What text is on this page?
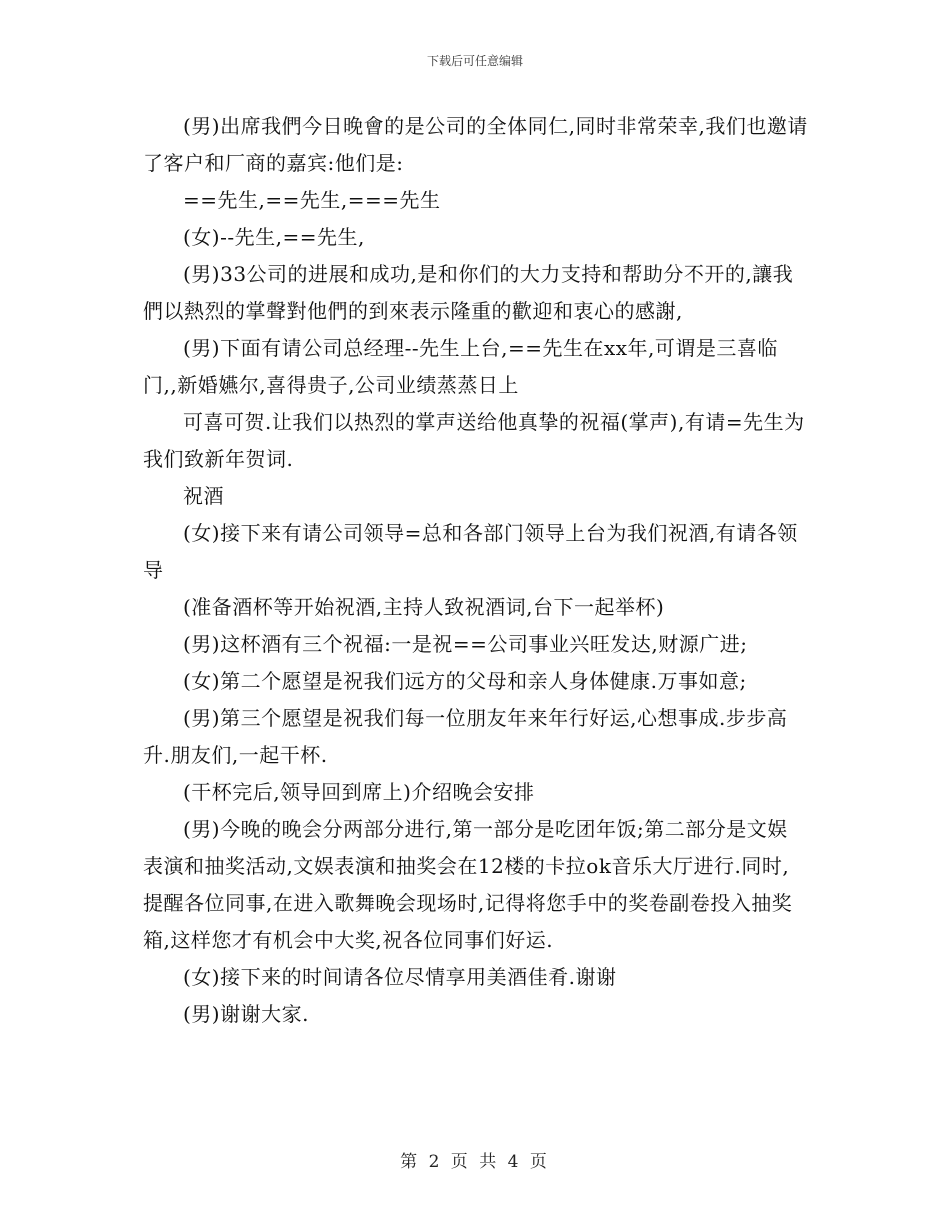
下载后可任意编辑

(男)出席我們今日晚會的是公司的全体同仁,同时非常荣幸,我们也邀请了客户和厂商的嘉宾:他们是:

==先生,==先生,===先生

(女)--先生,==先生,

(男)33公司的进展和成功,是和你们的大力支持和帮助分不开的,讓我們以熱烈的掌聲對他們的到來表示隆重的歡迎和衷心的感謝,

(男)下面有请公司总经理--先生上台,==先生在xx年,可谓是三喜临门,,新婚嬿尔,喜得贵子,公司业绩蒸蒸日上

可喜可贺.让我们以热烈的掌声送给他真挚的祝福(掌声),有请=先生为我们致新年贺词.

祝酒

(女)接下来有请公司领导=总和各部门领导上台为我们祝酒,有请各领导

(准备酒杯等开始祝酒,主持人致祝酒词,台下一起举杯)

(男)这杯酒有三个祝福:一是祝==公司事业兴旺发达,财源广进;

(女)第二个愿望是祝我们远方的父母和亲人身体健康.万事如意;

(男)第三个愿望是祝我们每一位朋友年来年行好运,心想事成.步步高升.朋友们,一起干杯.

(干杯完后,领导回到席上)介绍晚会安排

(男)今晚的晚会分两部分进行,第一部分是吃团年饭;第二部分是文娱表演和抽奖活动,文娱表演和抽奖会在12楼的卡拉ok音乐大厅进行.同时,提醒各位同事,在进入歌舞晚会现场时,记得将您手中的奖卷副卷投入抽奖箱,这样您才有机会中大奖,祝各位同事们好运.

(女)接下来的时间请各位尽情享用美酒佳肴.谢谢

(男)谢谢大家.

第 2 页 共 4 页
